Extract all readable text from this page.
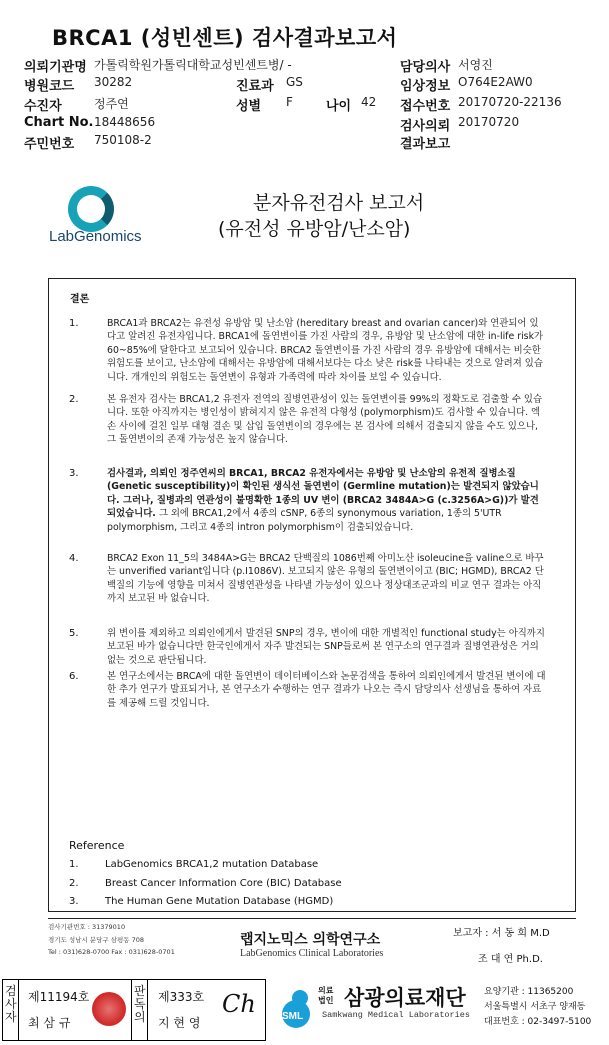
BRCA1 (성빈센트) 검사결과보고서
의뢰기관명 가톨릭학원가톨릭대학교성빈센트병/ -
병원코드 30282
수진자	정주연
Chart No. 18448656
주민번호 750108-2
진료과 GS
성별 F	나이 42
담당의사 서영진
임상정보 O764E2AW0
접수번호 20170720-22136
검사의뢰 20170720
결과보고
LabGenomics
분자유전검사 보고서
(유전성 유방암/난소암)
결론
1.	BRCA1과 BRCA2는 유전성 유방암 및 난소암 (hereditary breast and ovarian cancer)와 연관되어 있다고 알려진 유전자입니다. BRCA1에 돌연변이를 가진 사람의 경우, 유방암 및 난소암에 대한 in-life risk가 60~85%에 달한다고 보고되어 있습니다. BRCA2 돌연변이를 가진 사람의 경우 유방암에 대해서는 비슷한 위험도를 보이고, 난소암에 대해서는 유방암에 대해서보다는 다소 낮은 risk를 나타내는 것으로 알려져 있습니다. 개개인의 위험도는 돌연변이 유형과 가족력에 따라 차이를 보일 수 있습니다.
2.	본 유전자 검사는 BRCA1,2 유전자 전역의 질병연관성이 있는 돌연변이를 99%의 정확도로 검출할 수 있습니다. 또한 아직까지는 병인성이 밝혀지지 않은 유전적 다형성 (polymorphism)도 검사할 수 있습니다. 엑손 사이에 걸친 일부 대형 결손 및 삽입 돌연변이의 경우에는 본 검사에 의해서 검출되지 않을 수도 있으나, 그 돌연변이의 존재 가능성은 높지 않습니다.
3.	검사결과, 의뢰인 정주연씨의 BRCA1, BRCA2 유전자에서는 유방암 및 난소암의 유전적 질병소질 (Genetic susceptibility)이 확인된 생식선 돌연변이 (Germline mutation)는 발견되지 않았습니다. 그러나, 질병과의 연관성이 불명확한 1종의 UV 변이 (BRCA2 3484A>G (c.3256A>G))가 발견되었습니다. 그 외에 BRCA1,2에서 4종의 cSNP, 6종의 synonymous variation, 1종의 5'UTR polymorphism, 그리고 4종의 intron polymorphism이 검출되었습니다.
4.	BRCA2 Exon 11_5의 3484A>G는 BRCA2 단백질의 1086번째 아미노산 isoleucine을 valine으로 바꾸는 unverified variant입니다 (p.I1086V). 보고되지 않은 유형의 돌연변이이고 (BIC; HGMD), BRCA2 단백질의 기능에 영향을 미쳐서 질병연관성을 나타낼 가능성이 있으나 정상대조군과의 비교 연구 결과는 아직까지 보고된 바 없습니다.
5.	위 변이를 제외하고 의뢰인에게서 발견된 SNP의 경우, 변이에 대한 개별적인 functional study는 아직까지 보고된 바가 없습니다만 한국인에게서 자주 발견되는 SNP들로써 본 연구소의 연구결과 질병연관성은 거의 없는 것으로 판단됩니다.
6.	본 연구소에서는 BRCA에 대한 돌연변이 데이터베이스와 논문검색을 통하여 의뢰인에게서 발견된 변이에 대한 추가 연구가 발표되거나, 본 연구소가 수행하는 연구 결과가 나오는 즉시 담당의사 선생님을 통하여 자료를 제공해 드릴 것입니다.
Reference
1.	LabGenomics BRCA1,2 mutation Database
2.	Breast Cancer Information Core (BIC) Database
3.	The Human Gene Mutation Database (HGMD)
검사기관번호 : 31379010
경기도 성남시 분당구 삼평동 708
Tel : 031)628-0700 Fax : 031)628-0701
랩지노믹스 의학연구소
LabGenomics Clinical Laboratories
보고자 : 서 동 희 M.D
조 대 연 Ph.D.
검사자
제11194호
최 삼 규
판독의
제333호
지 현 영
Ch	SML
의료
법인 삼광의료재단
Samkwang Medical Laboratories
요양기관 : 11365200
서울특별시 서초구 양재동
대표번호 : 02-3497-5100
